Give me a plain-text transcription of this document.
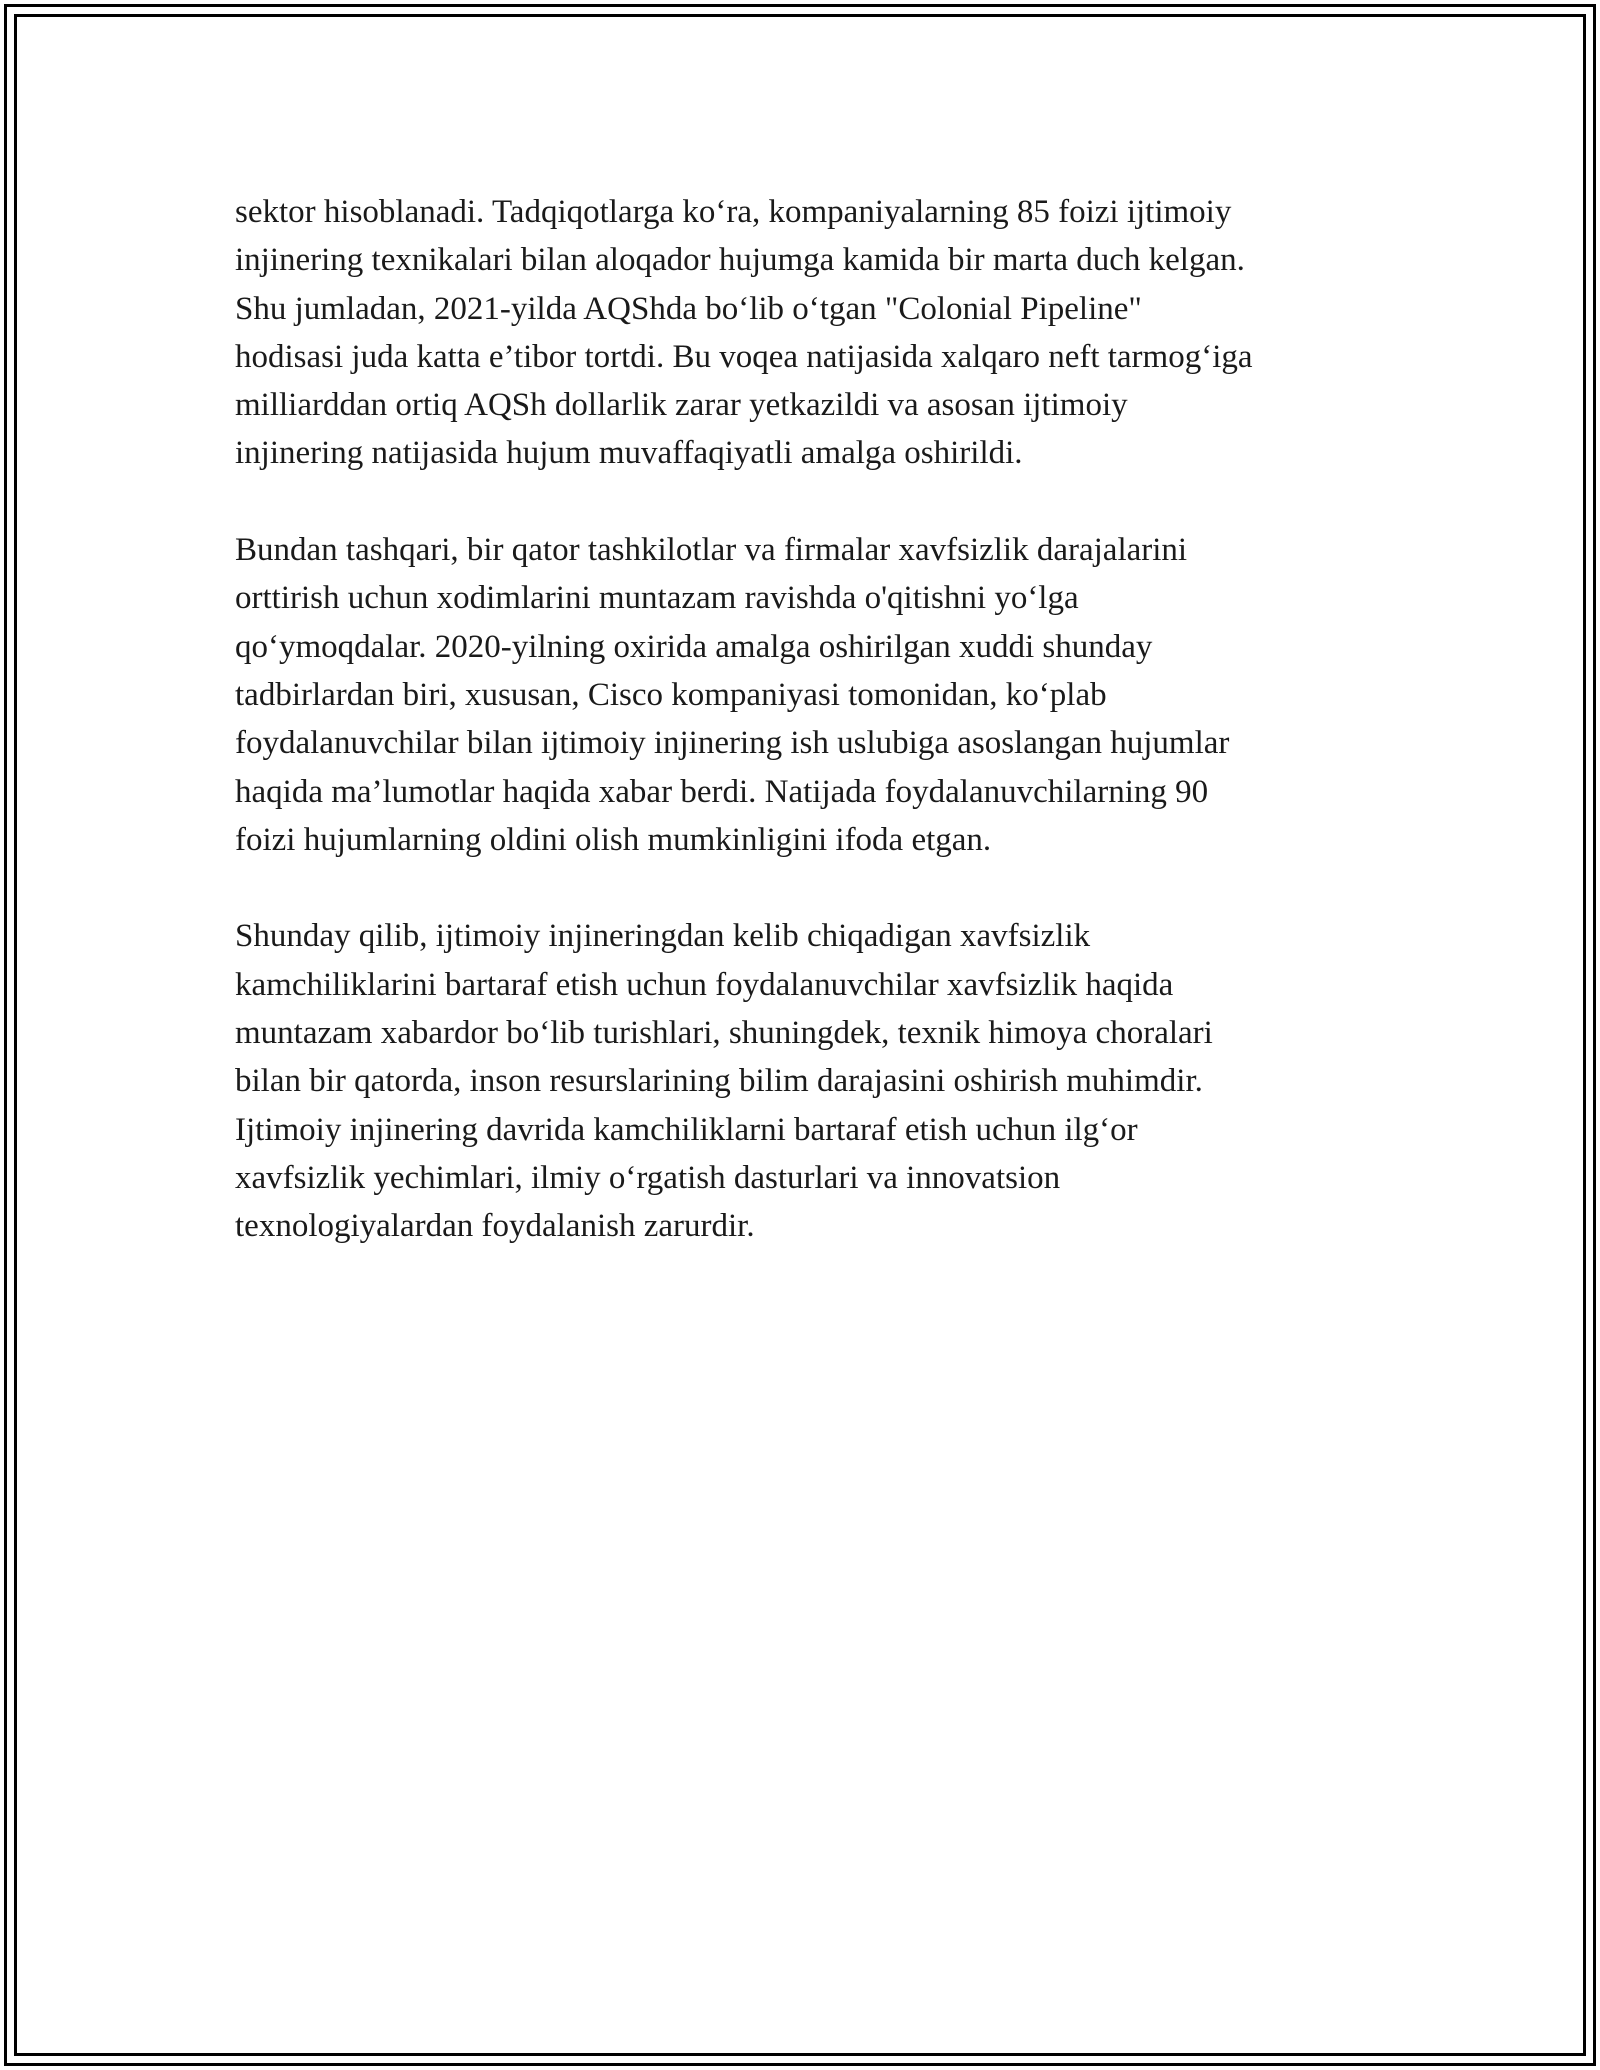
sektor hisoblanadi. Tadqiqotlarga ko‘ra, kompaniyalarning 85 foizi ijtimoiy
injinering texnikalari bilan aloqador hujumga kamida bir marta duch kelgan.
Shu jumladan, 2021-yilda AQShda bo‘lib o‘tgan "Colonial Pipeline"
hodisasi juda katta e’tibor tortdi. Bu voqea natijasida xalqaro neft tarmog‘iga
milliarddan ortiq AQSh dollarlik zarar yetkazildi va asosan ijtimoiy
injinering natijasida hujum muvaffaqiyatli amalga oshirildi.

Bundan tashqari, bir qator tashkilotlar va firmalar xavfsizlik darajalarini
orttirish uchun xodimlarini muntazam ravishda o'qitishni yo‘lga
qo‘ymoqdalar. 2020-yilning oxirida amalga oshirilgan xuddi shunday
tadbirlardan biri, xususan, Cisco kompaniyasi tomonidan, ko‘plab
foydalanuvchilar bilan ijtimoiy injinering ish uslubiga asoslangan hujumlar
haqida ma’lumotlar haqida xabar berdi. Natijada foydalanuvchilarning 90
foizi hujumlarning oldini olish mumkinligini ifoda etgan.

Shunday qilib, ijtimoiy injineringdan kelib chiqadigan xavfsizlik
kamchiliklarini bartaraf etish uchun foydalanuvchilar xavfsizlik haqida
muntazam xabardor bo‘lib turishlari, shuningdek, texnik himoya choralari
bilan bir qatorda, inson resurslarining bilim darajasini oshirish muhimdir.
Ijtimoiy injinering davrida kamchiliklarni bartaraf etish uchun ilg‘or
xavfsizlik yechimlari, ilmiy o‘rgatish dasturlari va innovatsion
texnologiyalardan foydalanish zarurdir.
